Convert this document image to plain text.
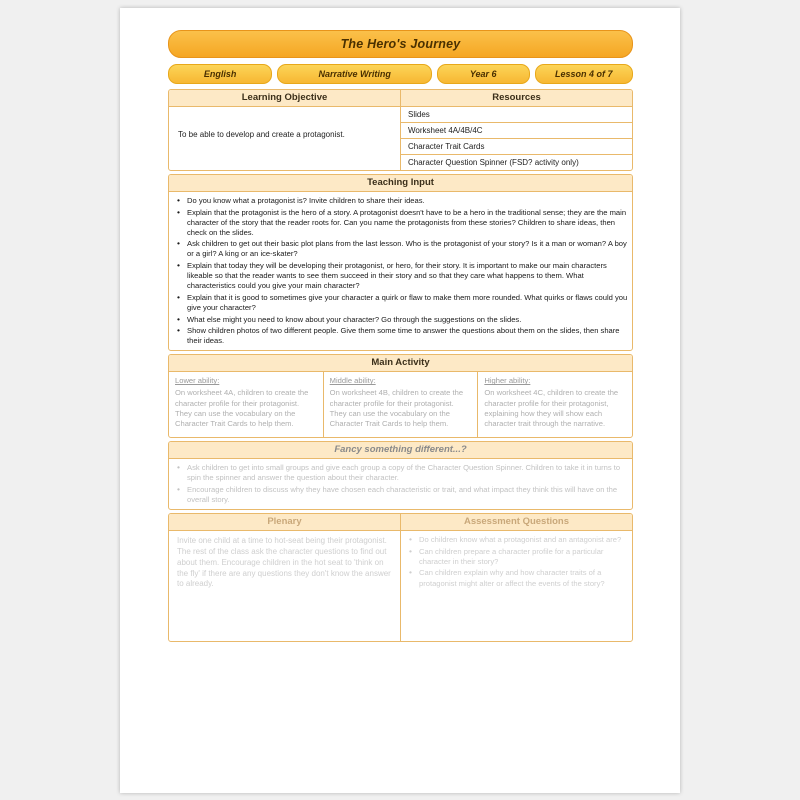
The Hero's Journey
English	Narrative Writing	Year 6	Lesson 4 of 7
Learning Objective
To be able to develop and create a protagonist.
Resources
Slides
Worksheet 4A/4B/4C
Character Trait Cards
Character Question Spinner (FSD? activity only)
Teaching Input
• Do you know what a protagonist is? Invite children to share their ideas.
• Explain that the protagonist is the hero of a story. A protagonist doesn't have to be a hero in the traditional sense; they are the main character of the story that the reader roots for. Can you name the protagonists from these stories? Children to share ideas, then check on the slides.
• Ask children to get out their basic plot plans from the last lesson. Who is the protagonist of your story? Is it a man or woman? A boy or a girl? A king or an ice-skater?
• Explain that today they will be developing their protagonist, or hero, for their story. It is important to make our main characters likeable so that the reader wants to see them succeed in their story and so that they care what happens to them. What characteristics could you give your main character?
• Explain that it is good to sometimes give your character a quirk or flaw to make them more rounded. What quirks or flaws could you give your character?
• What else might you need to know about your character? Go through the suggestions on the slides.
• Show children photos of two different people. Give them some time to answer the questions about them on the slides, then share their ideas.
Main Activity
Lower ability:
On worksheet 4A, children to create the character profile for their protagonist. They can use the vocabulary on the Character Trait Cards to help them.
Middle ability:
On worksheet 4B, children to create the character profile for their protagonist. They can use the vocabulary on the Character Trait Cards to help them.
Higher ability:
On worksheet 4C, children to create the character profile for their protagonist, explaining how they will show each character trait through the narrative.
Fancy something different...?
• Ask children to get into small groups and give each group a copy of the Character Question Spinner. Children to take it in turns to spin the spinner and answer the question about their character.
• Encourage children to discuss why they have chosen each characteristic or trait, and what impact they think this will have on the overall story.
Plenary
Invite one child at a time to hot-seat being their protagonist. The rest of the class ask the character questions to find out about them. Encourage children in the hot seat to 'think on the fly' if there are any questions they don't know the answer to already.
Assessment Questions
• Do children know what a protagonist and an antagonist are?
• Can children prepare a character profile for a particular character in their story?
• Can children explain why and how character traits of a protagonist might alter or affect the events of the story?
